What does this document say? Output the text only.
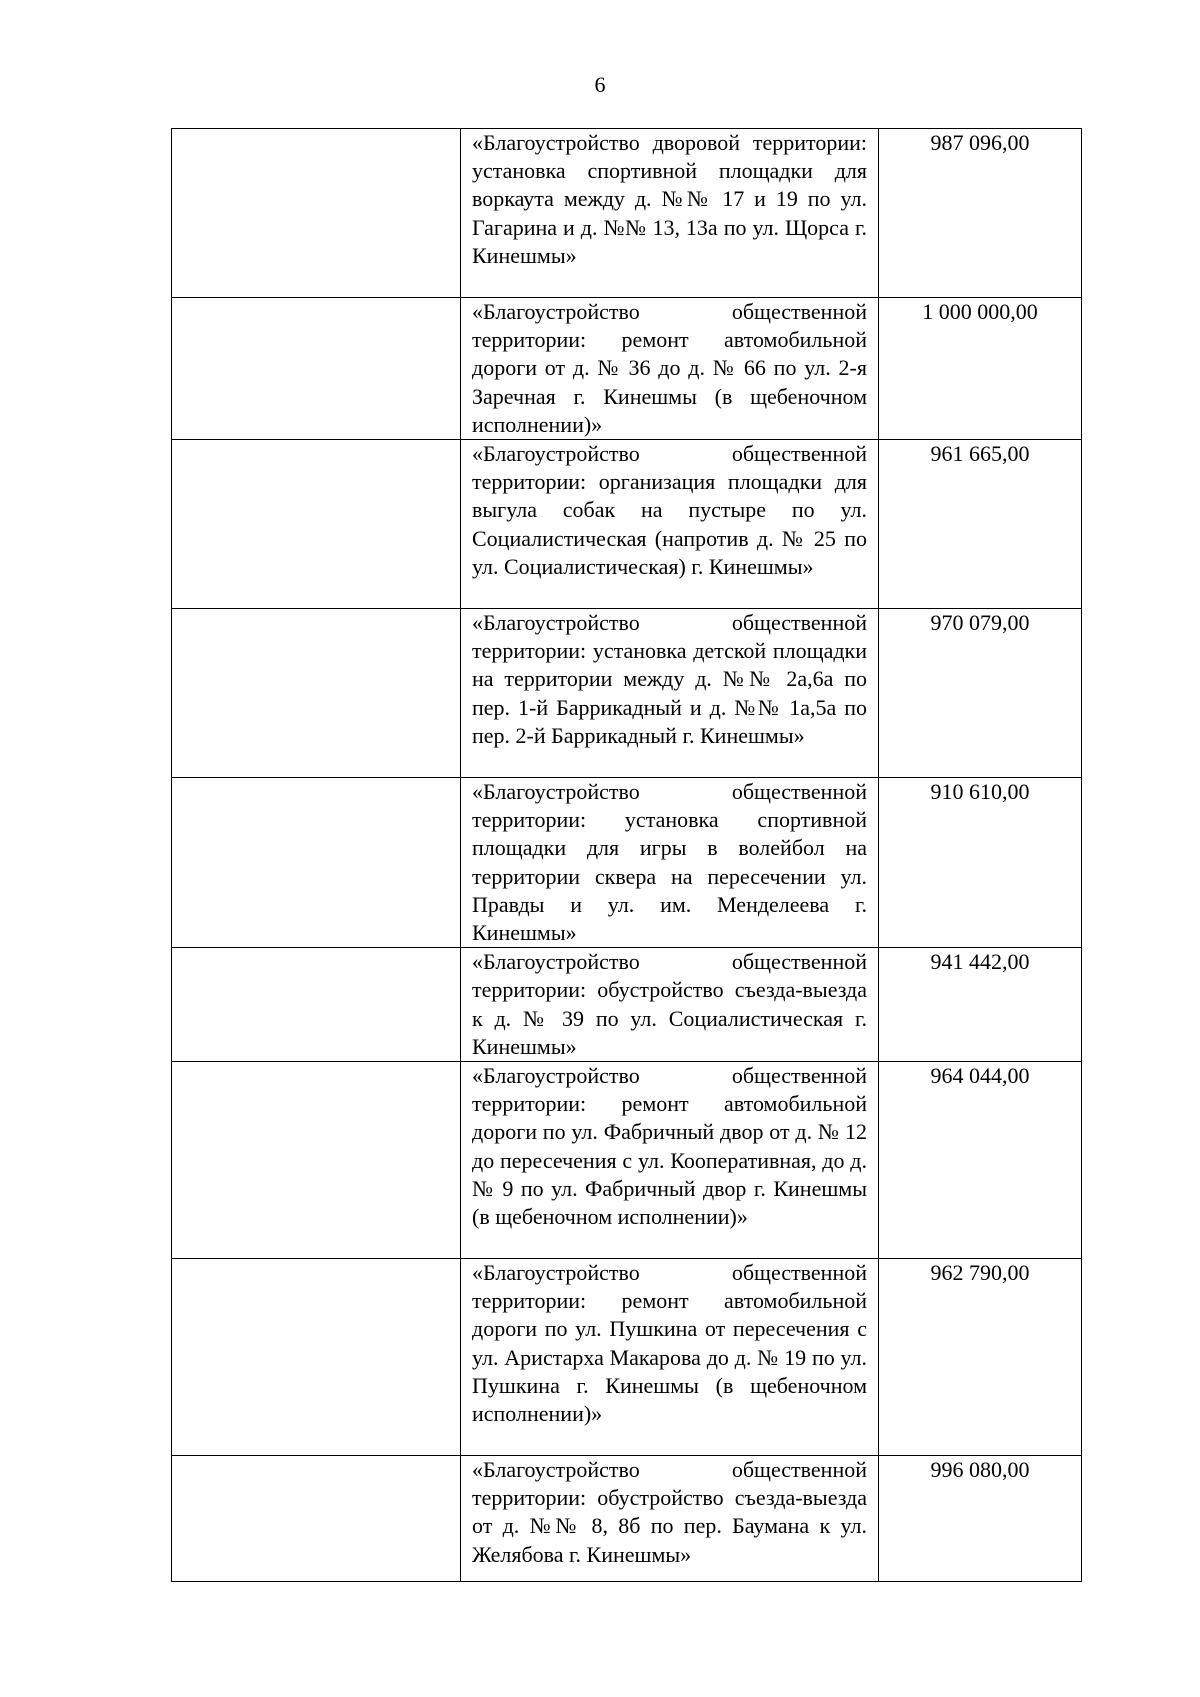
6

	«Благоустройство дворовой территории: установка спортивной площадки для воркаута между д. №№ 17 и 19 по ул. Гагарина и д. №№ 13, 13а по ул. Щорса г. Кинешмы»	987 096,00

	«Благоустройство общественной территории: ремонт автомобильной дороги от д. № 36 до д. № 66 по ул. 2-я Заречная г. Кинешмы (в щебеночном исполнении)»	1 000 000,00

	«Благоустройство общественной территории: организация площадки для выгула собак на пустыре по ул. Социалистическая (напротив д. № 25 по ул. Социалистическая) г. Кинешмы»	961 665,00

	«Благоустройство общественной территории: установка детской площадки на территории между д. №№ 2а,6а по пер. 1-й Баррикадный и д. №№ 1а,5а по пер. 2-й Баррикадный г. Кинешмы»	970 079,00

	«Благоустройство общественной территории: установка спортивной площадки для игры в волейбол на территории сквера на пересечении ул. Правды и ул. им. Менделеева г. Кинешмы»	910 610,00

	«Благоустройство общественной территории: обустройство съезда-выезда к д. № 39 по ул. Социалистическая г. Кинешмы»	941 442,00

	«Благоустройство общественной территории: ремонт автомобильной дороги по ул. Фабричный двор от д. № 12 до пересечения с ул. Кооперативная, до д. № 9 по ул. Фабричный двор г. Кинешмы (в щебеночном исполнении)»	964 044,00

	«Благоустройство общественной территории: ремонт автомобильной дороги по ул. Пушкина от пересечения с ул. Аристарха Макарова до д. № 19 по ул. Пушкина г. Кинешмы (в щебеночном исполнении)»	962 790,00

	«Благоустройство общественной территории: обустройство съезда-выезда от д. №№ 8, 8б по пер. Баумана к ул. Желябова г. Кинешмы»	996 080,00
